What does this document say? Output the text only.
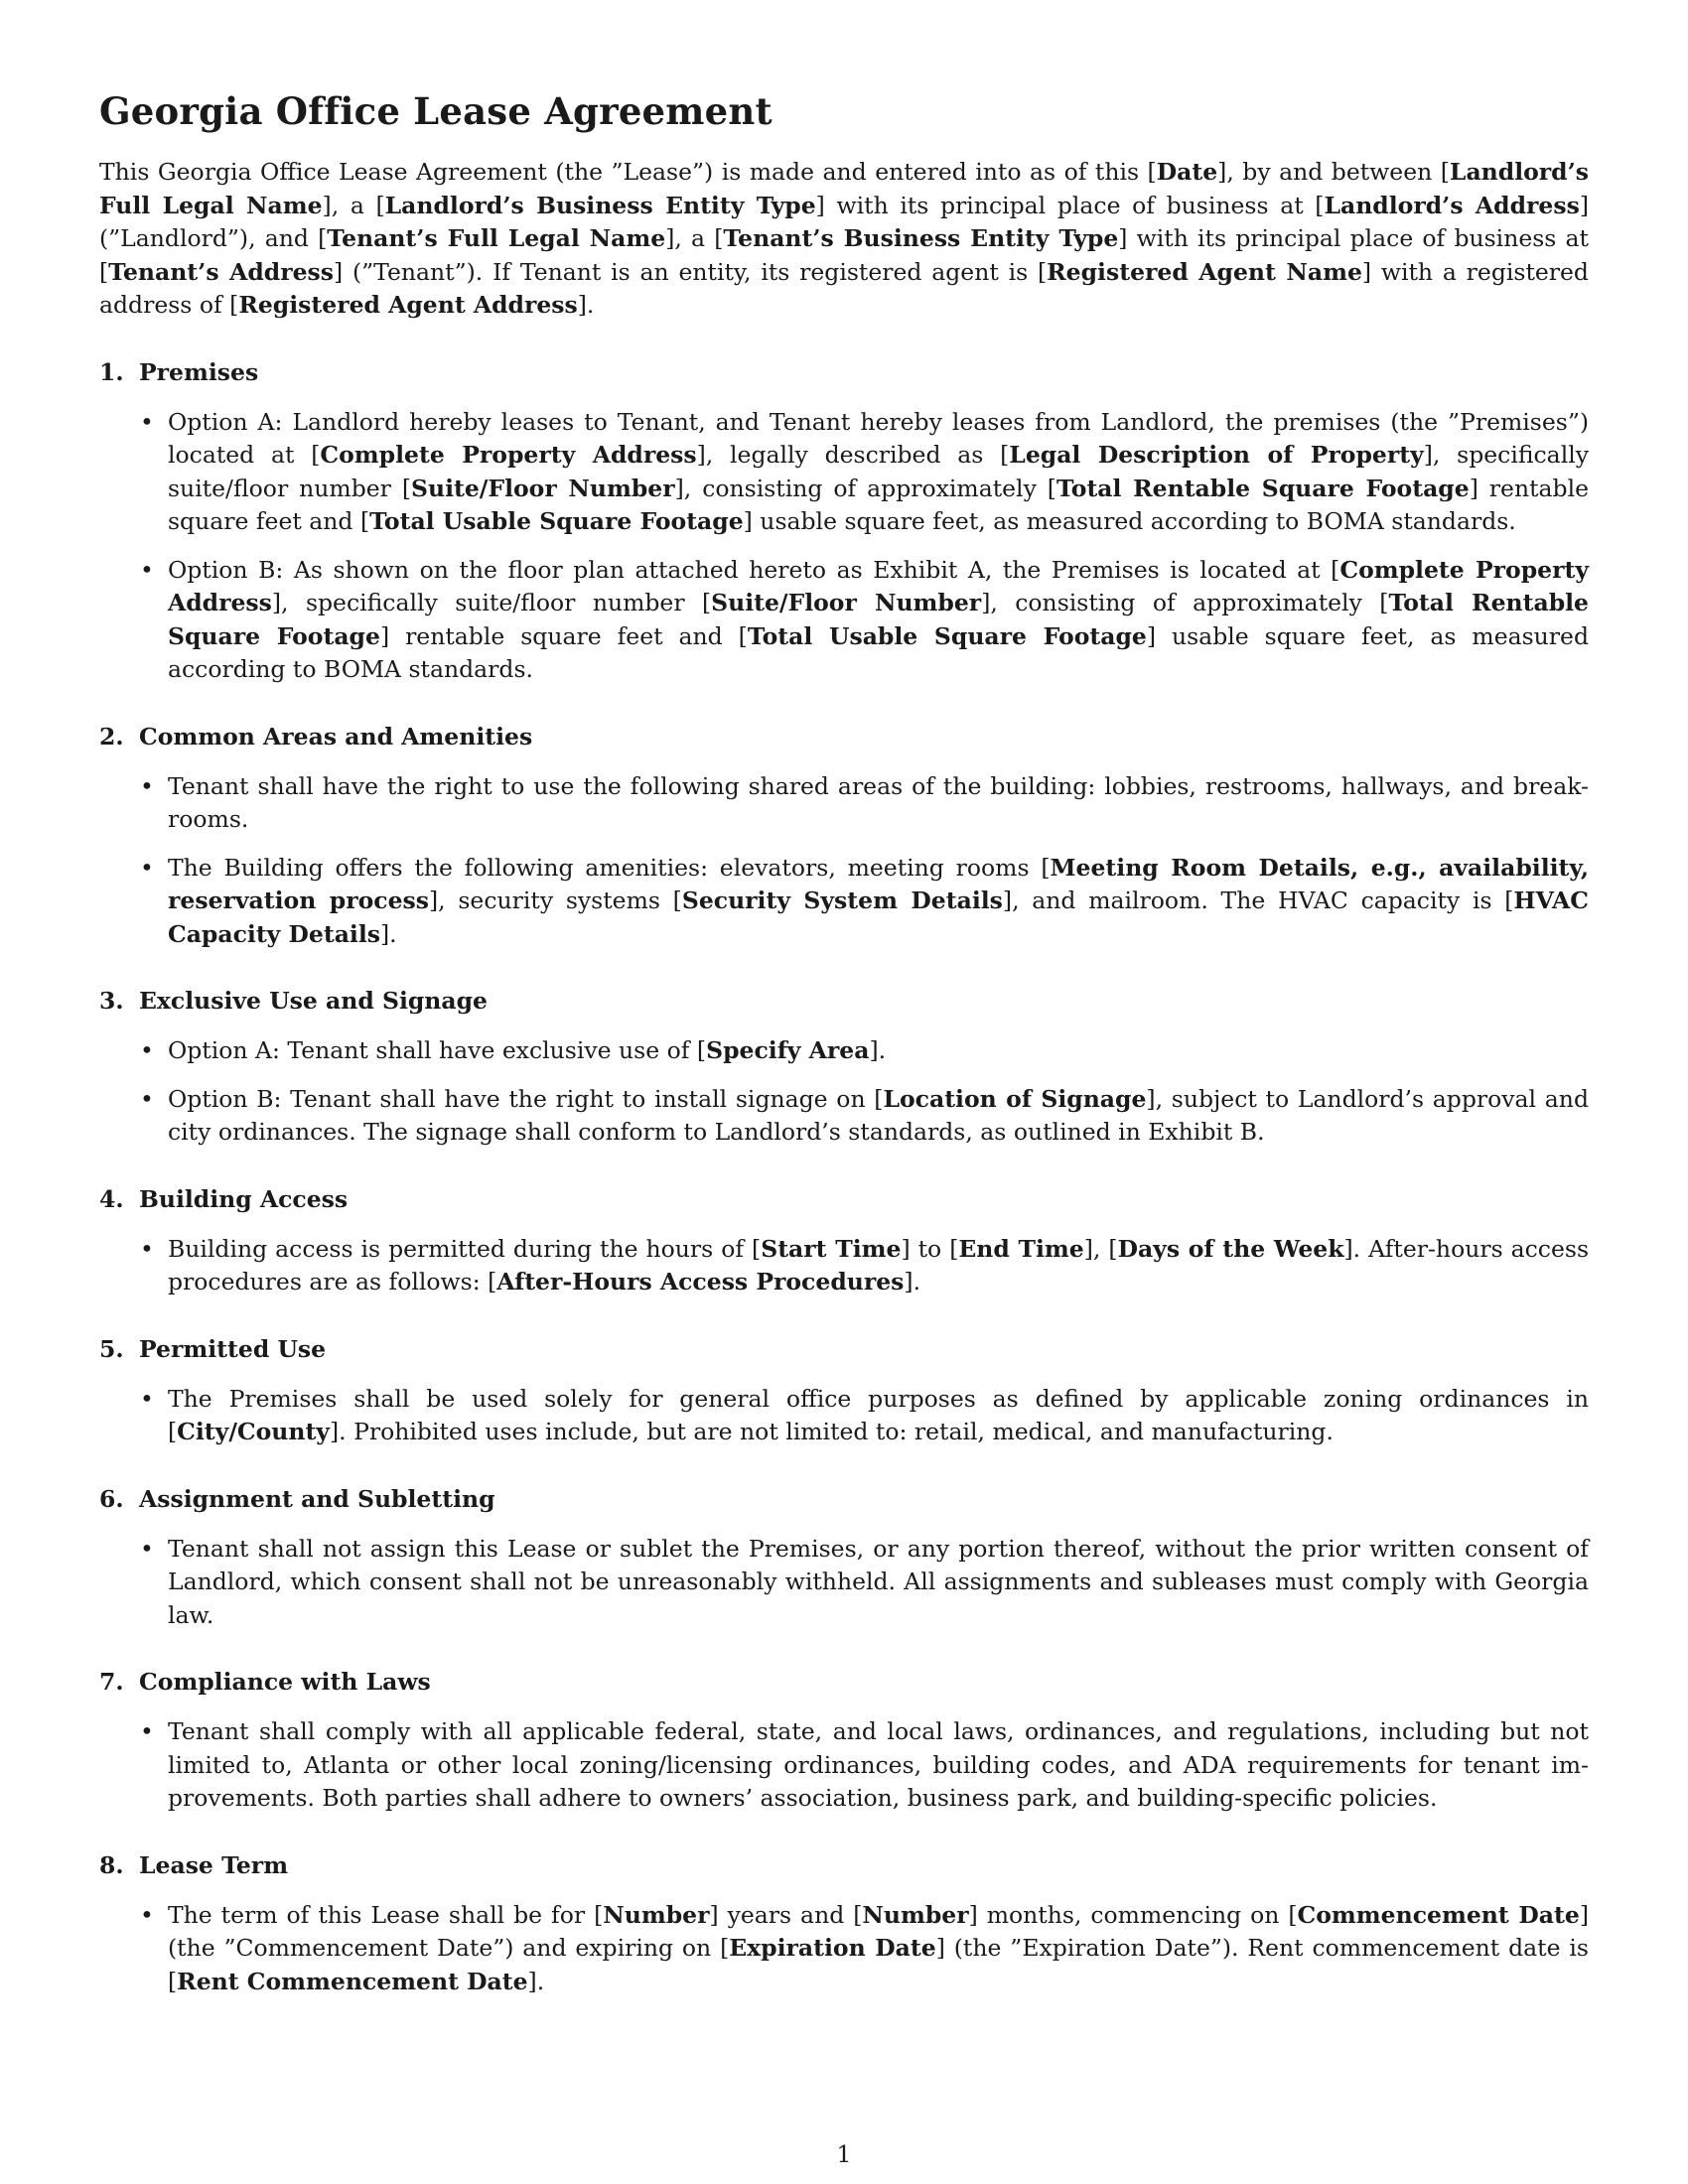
Georgia Office Lease Agreement

This Georgia Office Lease Agreement (the ”Lease”) is made and entered into as of this [Date], by and between [Landlord’s Full Legal Name], a [Landlord’s Business Entity Type] with its principal place of business at [Landlord’s Address] (”Landlord”), and [Tenant’s Full Legal Name], a [Tenant’s Business Entity Type] with its principal place of business at [Tenant’s Address] (”Tenant”). If Tenant is an entity, its registered agent is [Registered Agent Name] with a registered address of [Registered Agent Address].

1. Premises
• Option A: Landlord hereby leases to Tenant, and Tenant hereby leases from Landlord, the premises (the ”Premises”) located at [Complete Property Address], legally described as [Legal Description of Property], specifically suite/floor number [Suite/Floor Number], consisting of approximately [Total Rentable Square Footage] rentable square feet and [Total Usable Square Footage] usable square feet, as measured according to BOMA standards.
• Option B: As shown on the floor plan attached hereto as Exhibit A, the Premises is located at [Complete Property Address], specifically suite/floor number [Suite/Floor Number], consisting of approximately [Total Rentable Square Footage] rentable square feet and [Total Usable Square Footage] usable square feet, as measured according to BOMA standards.
2. Common Areas and Amenities
• Tenant shall have the right to use the following shared areas of the building: lobbies, restrooms, hallways, and break-rooms.
• The Building offers the following amenities: elevators, meeting rooms [Meeting Room Details, e.g., availability, reservation process], security systems [Security System Details], and mailroom. The HVAC capacity is [HVAC Capacity Details].
3. Exclusive Use and Signage
• Option A: Tenant shall have exclusive use of [Specify Area].
• Option B: Tenant shall have the right to install signage on [Location of Signage], subject to Landlord’s approval and city ordinances. The signage shall conform to Landlord’s standards, as outlined in Exhibit B.
4. Building Access
• Building access is permitted during the hours of [Start Time] to [End Time], [Days of the Week]. After-hours access procedures are as follows: [After-Hours Access Procedures].
5. Permitted Use
• The Premises shall be used solely for general office purposes as defined by applicable zoning ordinances in [City/County]. Prohibited uses include, but are not limited to: retail, medical, and manufacturing.
6. Assignment and Subletting
• Tenant shall not assign this Lease or sublet the Premises, or any portion thereof, without the prior written consent of Landlord, which consent shall not be unreasonably withheld. All assignments and subleases must comply with Georgia law.
7. Compliance with Laws
• Tenant shall comply with all applicable federal, state, and local laws, ordinances, and regulations, including but not limited to, Atlanta or other local zoning/licensing ordinances, building codes, and ADA requirements for tenant im-provements. Both parties shall adhere to owners’ association, business park, and building-specific policies.
8. Lease Term
• The term of this Lease shall be for [Number] years and [Number] months, commencing on [Commencement Date] (the ”Commencement Date”) and expiring on [Expiration Date] (the ”Expiration Date”). Rent commencement date is [Rent Commencement Date].
1
